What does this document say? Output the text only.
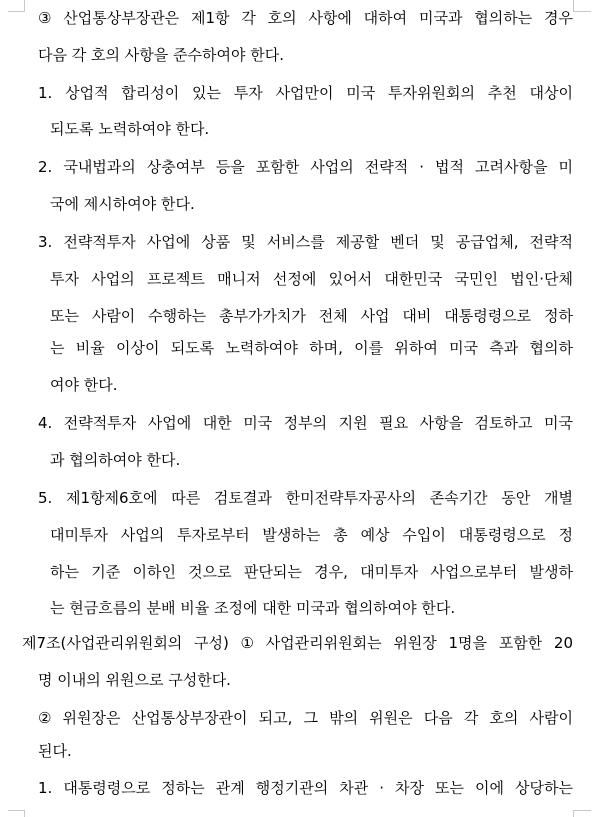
③ 산업통상부장관은 제1항 각 호의 사항에 대하여 미국과 협의하는 경우
다음 각 호의 사항을 준수하여야 한다.
1. 상업적 합리성이 있는 투자 사업만이 미국 투자위원회의 추천 대상이
되도록 노력하여야 한다.
2. 국내법과의 상충여부 등을 포함한 사업의 전략적 · 법적 고려사항을 미
국에 제시하여야 한다.
3. 전략적투자 사업에 상품 및 서비스를 제공할 벤더 및 공급업체, 전략적
투자 사업의 프로젝트 매니저 선정에 있어서 대한민국 국민인 법인·단체
또는 사람이 수행하는 총부가가치가 전체 사업 대비 대통령령으로 정하
는 비율 이상이 되도록 노력하여야 하며, 이를 위하여 미국 측과 협의하
여야 한다.
4. 전략적투자 사업에 대한 미국 정부의 지원 필요 사항을 검토하고 미국
과 협의하여야 한다.
5. 제1항제6호에 따른 검토결과 한미전략투자공사의 존속기간 동안 개별
대미투자 사업의 투자로부터 발생하는 총 예상 수입이 대통령령으로 정
하는 기준 이하인 것으로 판단되는 경우, 대미투자 사업으로부터 발생하
는 현금흐름의 분배 비율 조정에 대한 미국과 협의하여야 한다.
제7조(사업관리위원회의 구성) ① 사업관리위원회는 위원장 1명을 포함한 20
명 이내의 위원으로 구성한다.
② 위원장은 산업통상부장관이 되고, 그 밖의 위원은 다음 각 호의 사람이
된다.
1. 대통령령으로 정하는 관계 행정기관의 차관 · 차장 또는 이에 상당하는
